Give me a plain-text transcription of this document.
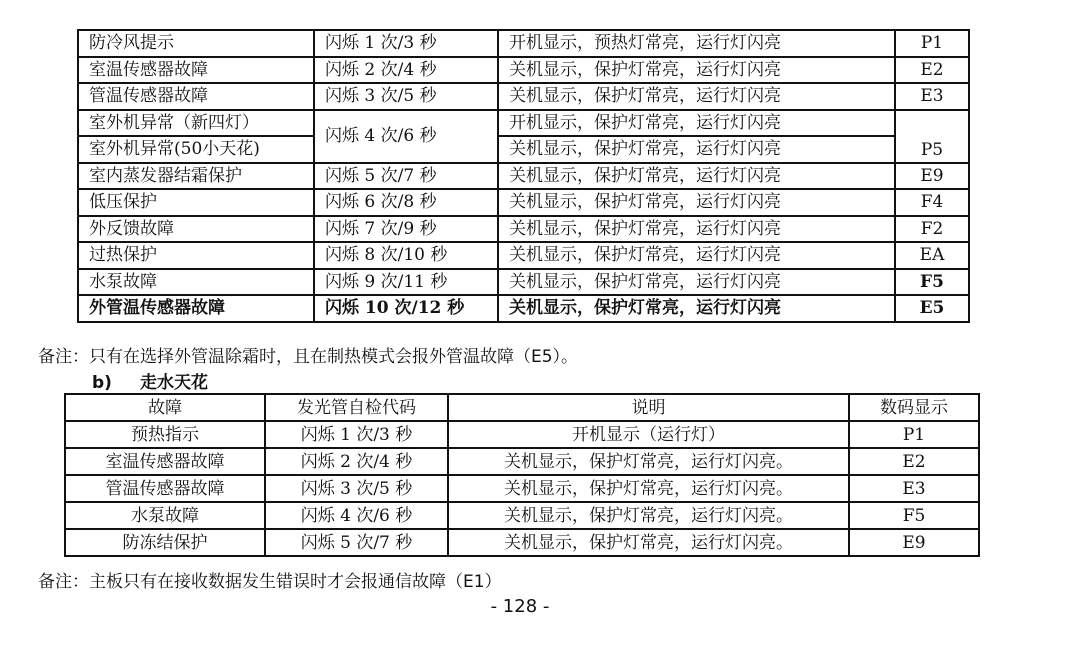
防冷风提示	闪烁 1 次/3 秒	开机显示，预热灯常亮，运行灯闪亮	P1
室温传感器故障	闪烁 2 次/4 秒	关机显示，保护灯常亮，运行灯闪亮	E2
管温传感器故障	闪烁 3 次/5 秒	关机显示，保护灯常亮，运行灯闪亮	E3
室外机异常（新四灯）	闪烁 4 次/6 秒	开机显示，保护灯常亮，运行灯闪亮	P5
室外机异常(50小天花)		关机显示，保护灯常亮，运行灯闪亮	
室内蒸发器结霜保护	闪烁 5 次/7 秒	关机显示，保护灯常亮，运行灯闪亮	E9
低压保护	闪烁 6 次/8 秒	关机显示，保护灯常亮，运行灯闪亮	F4
外反馈故障	闪烁 7 次/9 秒	关机显示，保护灯常亮，运行灯闪亮	F2
过热保护	闪烁 8 次/10 秒	关机显示，保护灯常亮，运行灯闪亮	EA
水泵故障	闪烁 9 次/11 秒	关机显示，保护灯常亮，运行灯闪亮	F5
外管温传感器故障	闪烁 10 次/12 秒	关机显示，保护灯常亮，运行灯闪亮	E5
备注：只有在选择外管温除霜时，且在制热模式会报外管温故障（E5）。
b) 走水天花
故障	发光管自检代码	说明	数码显示
预热指示	闪烁 1 次/3 秒	开机显示（运行灯）	P1
室温传感器故障	闪烁 2 次/4 秒	关机显示，保护灯常亮，运行灯闪亮。	E2
管温传感器故障	闪烁 3 次/5 秒	关机显示，保护灯常亮，运行灯闪亮。	E3
水泵故障	闪烁 4 次/6 秒	关机显示，保护灯常亮，运行灯闪亮。	F5
防冻结保护	闪烁 5 次/7 秒	关机显示，保护灯常亮，运行灯闪亮。	E9
备注：主板只有在接收数据发生错误时才会报通信故障（E1）
- 128 -
